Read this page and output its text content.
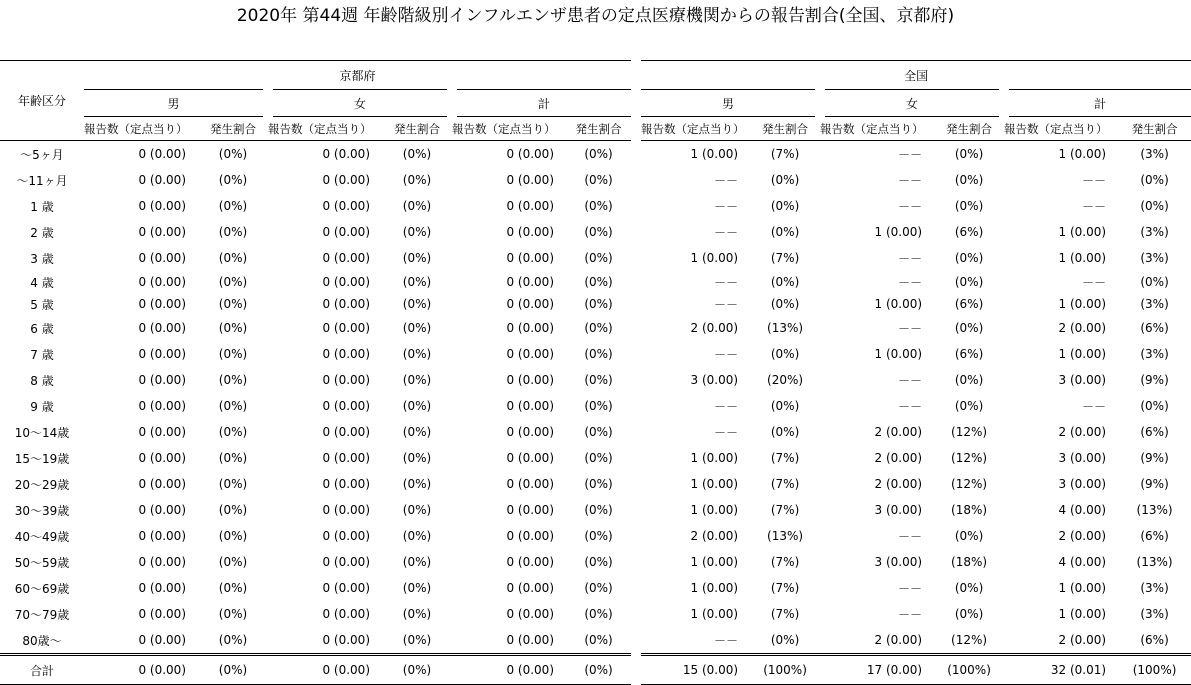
2020年 第44週 年齢階級別インフルエンザ患者の定点医療機関からの報告割合(全国、京都府)
年齢区分	京都府						全国					
	男		女		計		男		女		計	
	報告数（定点当り）	発生割合	報告数（定点当り）	発生割合	報告数（定点当り）	発生割合	報告数（定点当り）	発生割合	報告数（定点当り）	発生割合	報告数（定点当り）	発生割合
～5ヶ月	0 (0.00)	(0%)	0 (0.00)	(0%)	0 (0.00)	(0%)	1 (0.00)	(7%)	－－	(0%)	1 (0.00)	(3%)
～11ヶ月	0 (0.00)	(0%)	0 (0.00)	(0%)	0 (0.00)	(0%)	－－	(0%)	－－	(0%)	－－	(0%)
1 歳	0 (0.00)	(0%)	0 (0.00)	(0%)	0 (0.00)	(0%)	－－	(0%)	－－	(0%)	－－	(0%)
2 歳	0 (0.00)	(0%)	0 (0.00)	(0%)	0 (0.00)	(0%)	－－	(0%)	1 (0.00)	(6%)	1 (0.00)	(3%)
3 歳	0 (0.00)	(0%)	0 (0.00)	(0%)	0 (0.00)	(0%)	1 (0.00)	(7%)	－－	(0%)	1 (0.00)	(3%)
4 歳	0 (0.00)	(0%)	0 (0.00)	(0%)	0 (0.00)	(0%)	－－	(0%)	－－	(0%)	－－	(0%)
5 歳	0 (0.00)	(0%)	0 (0.00)	(0%)	0 (0.00)	(0%)	－－	(0%)	1 (0.00)	(6%)	1 (0.00)	(3%)
6 歳	0 (0.00)	(0%)	0 (0.00)	(0%)	0 (0.00)	(0%)	2 (0.00)	(13%)	－－	(0%)	2 (0.00)	(6%)
7 歳	0 (0.00)	(0%)	0 (0.00)	(0%)	0 (0.00)	(0%)	－－	(0%)	1 (0.00)	(6%)	1 (0.00)	(3%)
8 歳	0 (0.00)	(0%)	0 (0.00)	(0%)	0 (0.00)	(0%)	3 (0.00)	(20%)	－－	(0%)	3 (0.00)	(9%)
9 歳	0 (0.00)	(0%)	0 (0.00)	(0%)	0 (0.00)	(0%)	－－	(0%)	－－	(0%)	－－	(0%)
10～14歳	0 (0.00)	(0%)	0 (0.00)	(0%)	0 (0.00)	(0%)	－－	(0%)	2 (0.00)	(12%)	2 (0.00)	(6%)
15～19歳	0 (0.00)	(0%)	0 (0.00)	(0%)	0 (0.00)	(0%)	1 (0.00)	(7%)	2 (0.00)	(12%)	3 (0.00)	(9%)
20～29歳	0 (0.00)	(0%)	0 (0.00)	(0%)	0 (0.00)	(0%)	1 (0.00)	(7%)	2 (0.00)	(12%)	3 (0.00)	(9%)
30～39歳	0 (0.00)	(0%)	0 (0.00)	(0%)	0 (0.00)	(0%)	1 (0.00)	(7%)	3 (0.00)	(18%)	4 (0.00)	(13%)
40～49歳	0 (0.00)	(0%)	0 (0.00)	(0%)	0 (0.00)	(0%)	2 (0.00)	(13%)	－－	(0%)	2 (0.00)	(6%)
50～59歳	0 (0.00)	(0%)	0 (0.00)	(0%)	0 (0.00)	(0%)	1 (0.00)	(7%)	3 (0.00)	(18%)	4 (0.00)	(13%)
60～69歳	0 (0.00)	(0%)	0 (0.00)	(0%)	0 (0.00)	(0%)	1 (0.00)	(7%)	－－	(0%)	1 (0.00)	(3%)
70～79歳	0 (0.00)	(0%)	0 (0.00)	(0%)	0 (0.00)	(0%)	1 (0.00)	(7%)	－－	(0%)	1 (0.00)	(3%)
80歳～	0 (0.00)	(0%)	0 (0.00)	(0%)	0 (0.00)	(0%)	－－	(0%)	2 (0.00)	(12%)	2 (0.00)	(6%)
合計	0 (0.00)	(0%)	0 (0.00)	(0%)	0 (0.00)	(0%)	15 (0.00)	(100%)	17 (0.00)	(100%)	32 (0.01)	(100%)
